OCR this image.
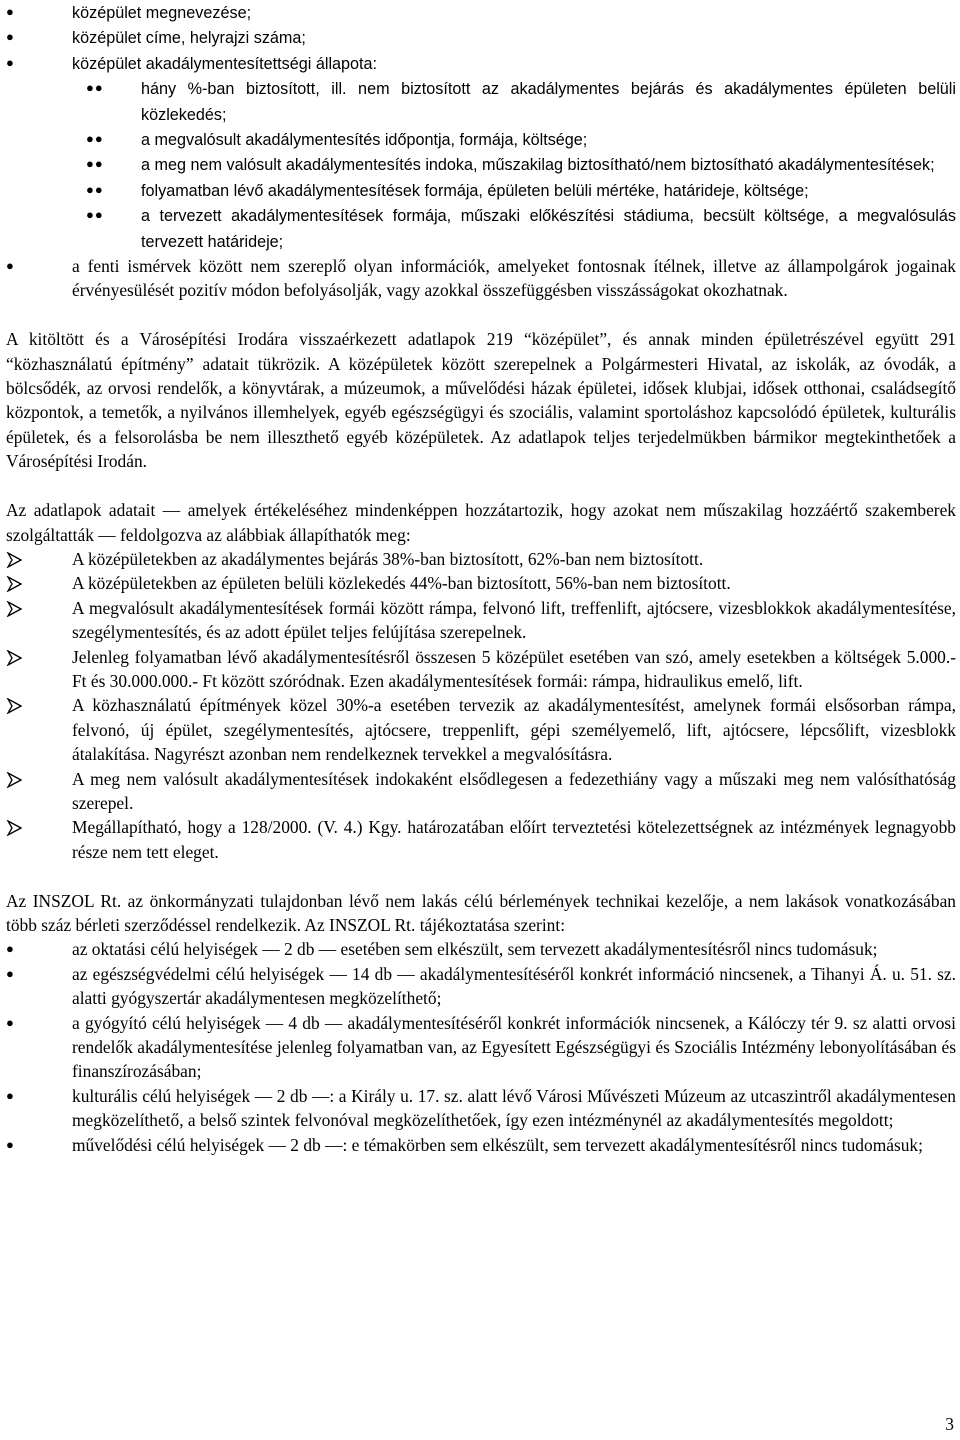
●	középület megnevezése;
●	középület címe, helyrajzi száma;
●	középület akadálymentesítettségi állapota:
●● hány %-ban biztosított, ill. nem biztosított az akadálymentes bejárás és akadálymentes épületen belüli közlekedés;
●● a megvalósult akadálymentesítés időpontja, formája, költsége;
●● a meg nem valósult akadálymentesítés indoka, műszakilag biztosítható/nem biztosítható akadálymentesítések;
●● folyamatban lévő akadálymentesítések formája, épületen belüli mértéke, határideje, költsége;
●● a tervezett akadálymentesítések formája, műszaki előkészítési stádiuma, becsült költsége, a megvalósulás tervezett határideje;
●	a fenti ismérvek között nem szereplő olyan információk, amelyeket fontosnak ítélnek, illetve az állampolgárok jogainak érvényesülését pozitív módon befolyásolják, vagy azokkal összefüggésben visszásságokat okozhatnak.

A kitöltött és a Városépítési Irodára visszaérkezett adatlapok 219 “középület”, és annak minden épületrészével együtt 291 “közhasználatú építmény” adatait tükrözik. A középületek között szerepelnek a Polgármesteri Hivatal, az iskolák, az óvodák, a bölcsődék, az orvosi rendelők, a könyvtárak, a múzeumok, a művelődési házak épületei, idősek klubjai, idősek otthonai, családsegítő központok, a temetők, a nyilvános illemhelyek, egyéb egészségügyi és szociális, valamint sportoláshoz kapcsolódó épületek, kulturális épületek, és a felsorolásba be nem illeszthető egyéb középületek. Az adatlapok teljes terjedelmükben bármikor megtekinthetőek a Városépítési Irodán.

Az adatlapok adatait ― amelyek értékeléséhez mindenképpen hozzátartozik, hogy azokat nem műszakilag hozzáértő szakemberek szolgáltatták ― feldolgozva az alábbiak állapíthatók meg:

A középületekben az akadálymentes bejárás 38%-ban biztosított, 62%-ban nem biztosított.
A középületekben az épületen belüli közlekedés 44%-ban biztosított, 56%-ban nem biztosított.
A megvalósult akadálymentesítések formái között rámpa, felvonó lift, treffenlift, ajtócsere, vizesblokkok akadálymentesítése, szegélymentesítés, és az adott épület teljes felújítása szerepelnek.
Jelenleg folyamatban lévő akadálymentesítésről összesen 5 középület esetében van szó, amely esetekben a költségek 5.000.- Ft és 30.000.000.- Ft között szóródnak. Ezen akadálymentesítések formái: rámpa, hidraulikus emelő, lift.
A közhasználatú építmények közel 30%-a esetében tervezik az akadálymentesítést, amelynek formái elsősorban rámpa, felvonó, új épület, szegélymentesítés, ajtócsere, treppenlift, gépi személyemelő, lift, ajtócsere, lépcsőlift, vizesblokk átalakítása. Nagyrészt azonban nem rendelkeznek tervekkel a megvalósításra.
A meg nem valósult akadálymentesítések indokaként elsődlegesen a fedezethiány vagy a műszaki meg nem valósíthatóság szerepel.
Megállapítható, hogy a 128/2000. (V. 4.) Kgy. határozatában előírt terveztetési kötelezettségnek az intézmények legnagyobb része nem tett eleget.

Az INSZOL Rt. az önkormányzati tulajdonban lévő nem lakás célú bérlemények technikai kezelője, a nem lakások vonatkozásában több száz bérleti szerződéssel rendelkezik. Az INSZOL Rt. tájékoztatása szerint:

●	az oktatási célú helyiségek ― 2 db ― esetében sem elkészült, sem tervezett akadálymentesítésről nincs tudomásuk;
●	az egészségvédelmi célú helyiségek ― 14 db ― akadálymentesítéséről konkrét információ nincsenek, a Tihanyi Á. u. 51. sz. alatti gyógyszertár akadálymentesen megközelíthető;
●	a gyógyító célú helyiségek ― 4 db ― akadálymentesítéséről konkrét információk nincsenek, a Kálóczy tér 9. sz alatti orvosi rendelők akadálymentesítése jelenleg folyamatban van, az Egyesített Egészségügyi és Szociális Intézmény lebonyolításában és finanszírozásában;
●	kulturális célú helyiségek ― 2 db ―: a Király u. 17. sz. alatt lévő Városi Művészeti Múzeum az utcaszintről akadálymentesen megközelíthető, a belső szintek felvonóval megközelíthetőek, így ezen intézménynél az akadálymentesítés megoldott;
●	művelődési célú helyiségek ― 2 db ―: e témakörben sem elkészült, sem tervezett akadálymentesítésről nincs tudomásuk;
3
